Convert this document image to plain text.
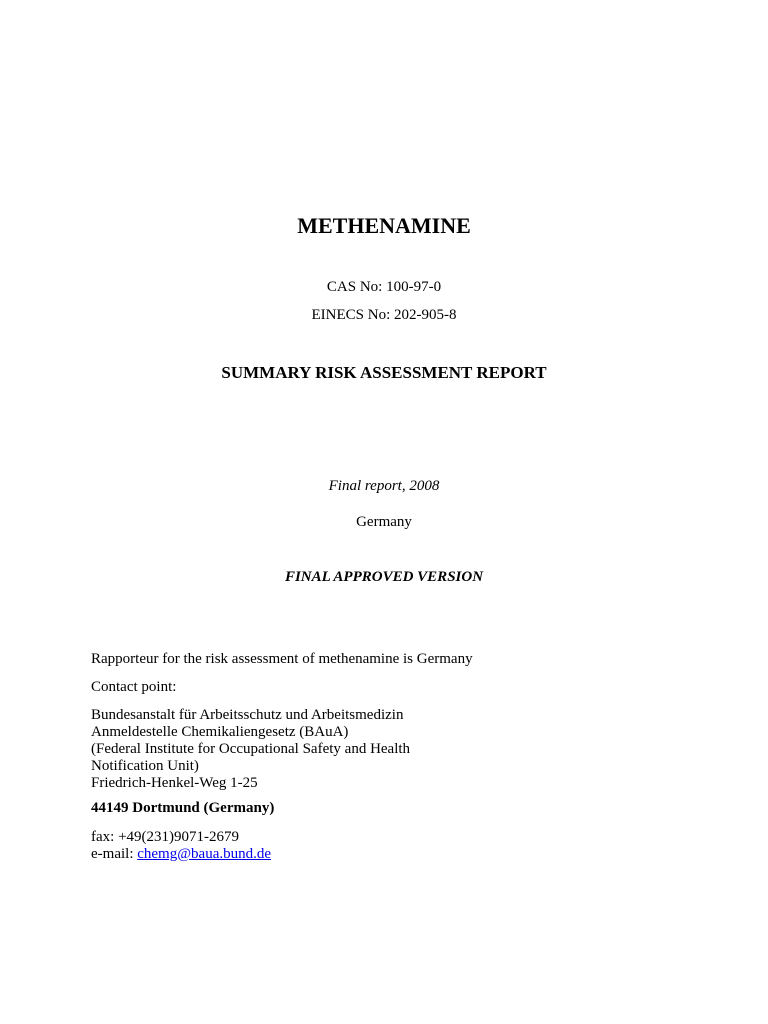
METHENAMINE
CAS No: 100-97-0
EINECS No: 202-905-8
SUMMARY RISK ASSESSMENT REPORT
Final report, 2008
Germany
FINAL APPROVED VERSION
Rapporteur for the risk assessment of methenamine is Germany
Contact point:
Bundesanstalt für Arbeitsschutz und Arbeitsmedizin
Anmeldestelle Chemikaliengesetz (BAuA)
(Federal Institute for Occupational Safety and Health
Notification Unit)
Friedrich-Henkel-Weg 1-25
44149 Dortmund (Germany)
fax: +49(231)9071-2679
e-mail: chemg@baua.bund.de
